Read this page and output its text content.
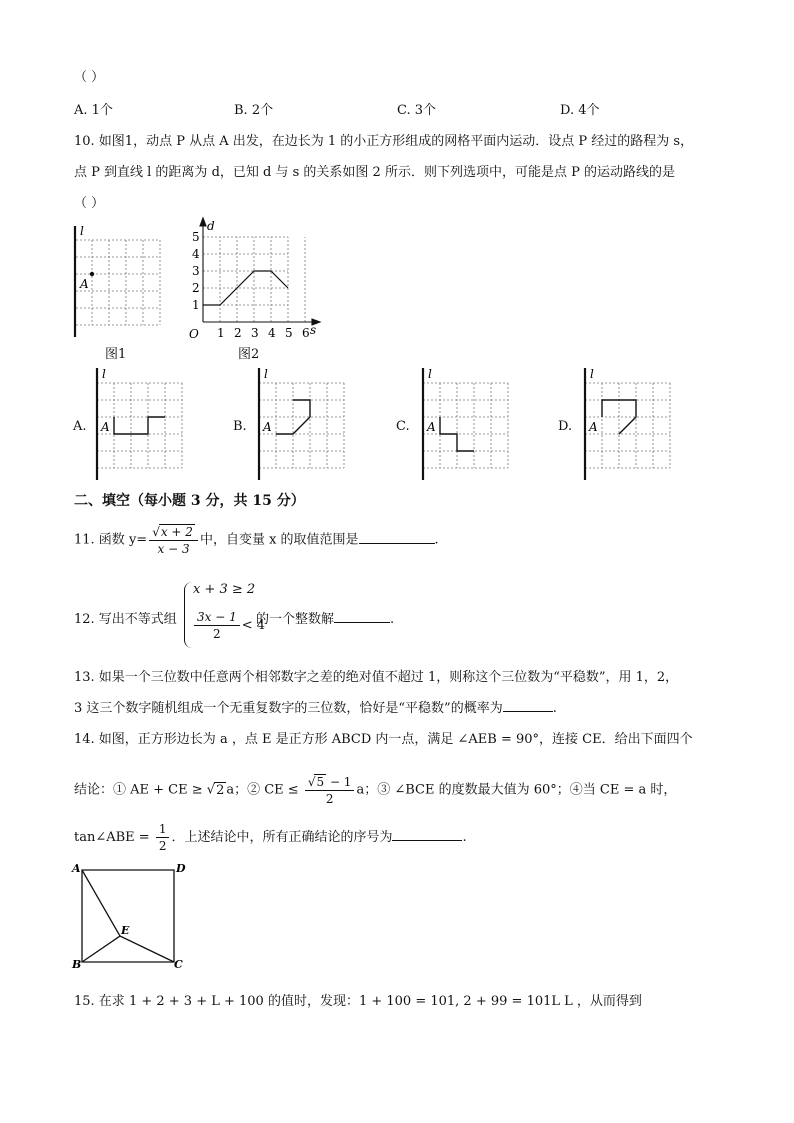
（ ）
A. 1个	B. 2个	C. 3个	D. 4个
10. 如图1，动点 P 从点 A 出发，在边长为 1 的小正方形组成的网格平面内运动．设点 P 经过的路程为 s，
点 P 到直线 l 的距离为 d，已知 d 与 s 的关系如图 2 所示．则下列选项中，可能是点 P 的运动路线的是
（ ）
l
A
图1
1 2 3 4 5 6
1
2
3
4
5
d
s
O
图2
A.
l
A	B.
l
A	C.
l
A	D.
l
A
二、填空（每小题 3 分，共 15 分）
11. 函数 $y= \frac{√x + 2}{x - 3}$ 中，自变量 x 的取值范围是	.
12. 写出不等式组
x + 3 ≥ 2
$\frac{3x - 1}{2} < 4$
的一个整数解	.
13. 如果一个三位数中任意两个相邻数字之差的绝对值不超过 1，则称这个三位数为“平稳数”，用 1，2，
3 这三个数字随机组成一个无重复数字的三位数，恰好是“平稳数”的概率为	.
14. 如图，正方形边长为 a ，点 E 是正方形 ABCD 内一点，满足 ∠AEB = 90°，连接 CE．给出下面四个
结论：① AE + CE ≥ √2 a；② CE ≤ $\frac{√5 - 1}{2}$ a；③ ∠BCE 的度数最大值为 60°；④当 CE = a 时，
tan∠ABE = $\frac{1}{2}$ ．上述结论中，所有正确结论的序号为	.
A	D
B	C
E
15. 在求 1 + 2 + 3 + L + 100 的值时，发现：1 + 100 = 101, 2 + 99 = 101L L ，从而得到
